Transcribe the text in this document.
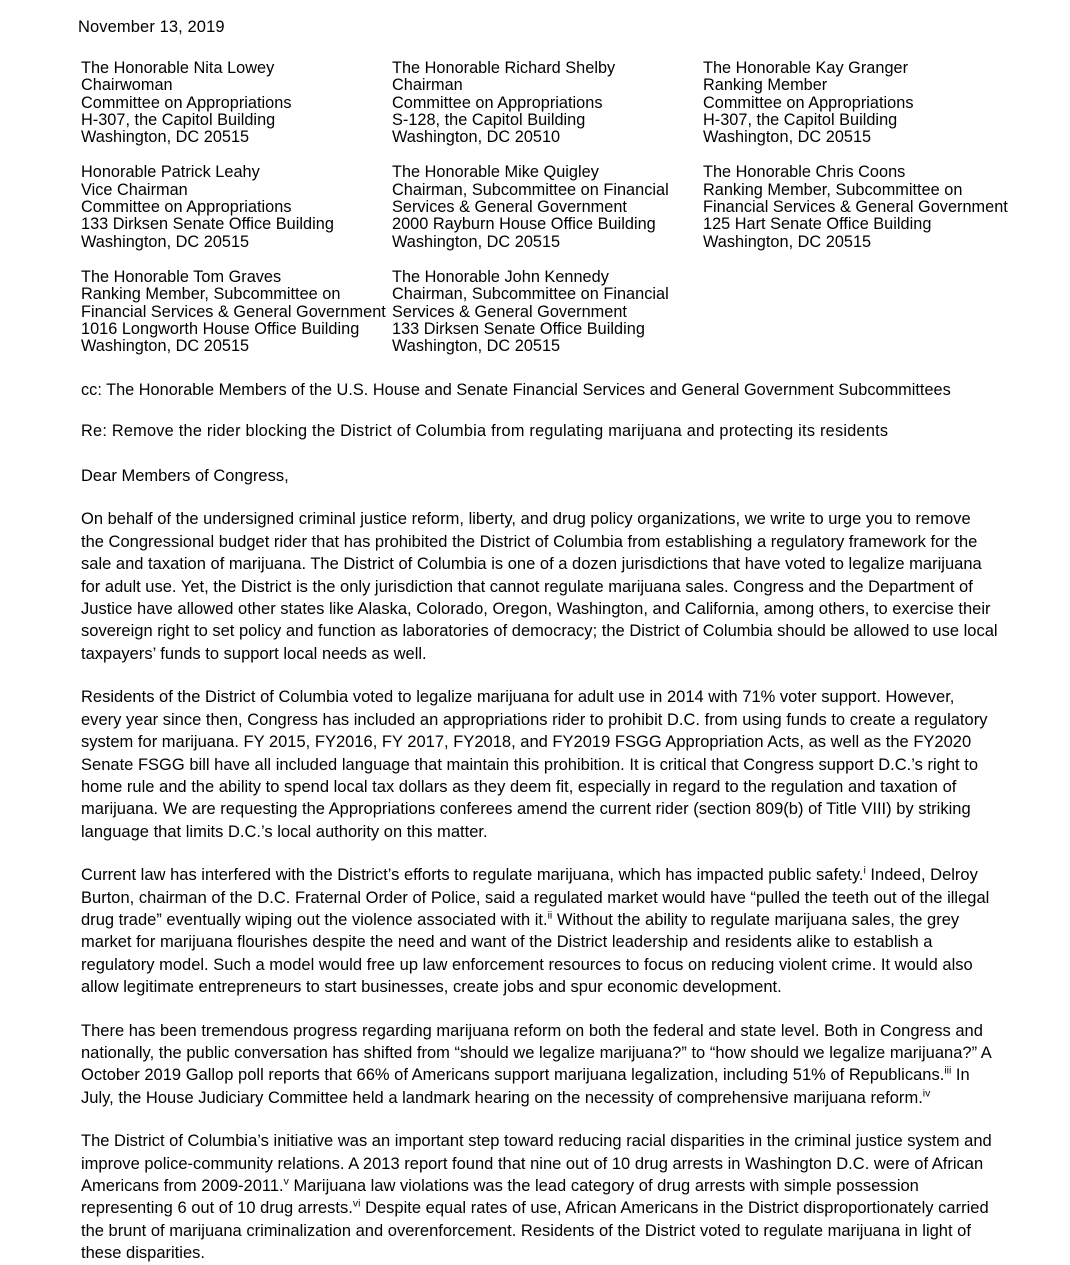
November 13, 2019
The Honorable Nita Lowey
Chairwoman
Committee on Appropriations
H-307, the Capitol Building
Washington, DC 20515
The Honorable Richard Shelby
Chairman
Committee on Appropriations
S-128, the Capitol Building
Washington, DC 20510
The Honorable Kay Granger
Ranking Member
Committee on Appropriations
H-307, the Capitol Building
Washington, DC 20515
Honorable Patrick Leahy
Vice Chairman
Committee on Appropriations
133 Dirksen Senate Office Building
Washington, DC 20515
The Honorable Mike Quigley
Chairman, Subcommittee on Financial
Services & General Government
2000 Rayburn House Office Building
Washington, DC 20515
The Honorable Chris Coons
Ranking Member, Subcommittee on
Financial Services & General Government
125 Hart Senate Office Building
Washington, DC 20515
The Honorable Tom Graves
Ranking Member, Subcommittee on
Financial Services & General Government
1016 Longworth House Office Building
Washington, DC 20515
The Honorable John Kennedy
Chairman, Subcommittee on Financial
Services & General Government
133 Dirksen Senate Office Building
Washington, DC 20515
cc: The Honorable Members of the U.S. House and Senate Financial Services and General Government Subcommittees
Re: Remove the rider blocking the District of Columbia from regulating marijuana and protecting its residents
Dear Members of Congress,

On behalf of the undersigned criminal justice reform, liberty, and drug policy organizations, we write to urge you to remove the Congressional budget rider that has prohibited the District of Columbia from establishing a regulatory framework for the sale and taxation of marijuana. The District of Columbia is one of a dozen jurisdictions that have voted to legalize marijuana for adult use. Yet, the District is the only jurisdiction that cannot regulate marijuana sales. Congress and the Department of Justice have allowed other states like Alaska, Colorado, Oregon, Washington, and California, among others, to exercise their sovereign right to set policy and function as laboratories of democracy; the District of Columbia should be allowed to use local taxpayers’ funds to support local needs as well.

Residents of the District of Columbia voted to legalize marijuana for adult use in 2014 with 71% voter support. However, every year since then, Congress has included an appropriations rider to prohibit D.C. from using funds to create a regulatory system for marijuana. FY 2015, FY2016, FY 2017, FY2018, and FY2019 FSGG Appropriation Acts, as well as the FY2020 Senate FSGG bill have all included language that maintain this prohibition. It is critical that Congress support D.C.’s right to home rule and the ability to spend local tax dollars as they deem fit, especially in regard to the regulation and taxation of marijuana. We are requesting the Appropriations conferees amend the current rider (section 809(b) of Title VIII) by striking language that limits D.C.’s local authority on this matter.

Current law has interfered with the District’s efforts to regulate marijuana, which has impacted public safety.$^i$ Indeed, Delroy Burton, chairman of the D.C. Fraternal Order of Police, said a regulated market would have “pulled the teeth out of the illegal drug trade” eventually wiping out the violence associated with it.$^{ii}$ Without the ability to regulate marijuana sales, the grey market for marijuana flourishes despite the need and want of the District leadership and residents alike to establish a regulatory model. Such a model would free up law enforcement resources to focus on reducing violent crime. It would also allow legitimate entrepreneurs to start businesses, create jobs and spur economic development.

There has been tremendous progress regarding marijuana reform on both the federal and state level. Both in Congress and nationally, the public conversation has shifted from “should we legalize marijuana?” to “how should we legalize marijuana?” A October 2019 Gallop poll reports that 66% of Americans support marijuana legalization, including 51% of Republicans.$^{iii}$ In July, the House Judiciary Committee held a landmark hearing on the necessity of comprehensive marijuana reform.$^{iv}$

The District of Columbia’s initiative was an important step toward reducing racial disparities in the criminal justice system and improve police-community relations. A 2013 report found that nine out of 10 drug arrests in Washington D.C. were of African Americans from 2009-2011.$^v$ Marijuana law violations was the lead category of drug arrests with simple possession representing 6 out of 10 drug arrests.$^{vi}$ Despite equal rates of use, African Americans in the District disproportionately carried the brunt of marijuana criminalization and overenforcement. Residents of the District voted to regulate marijuana in light of these disparities.
